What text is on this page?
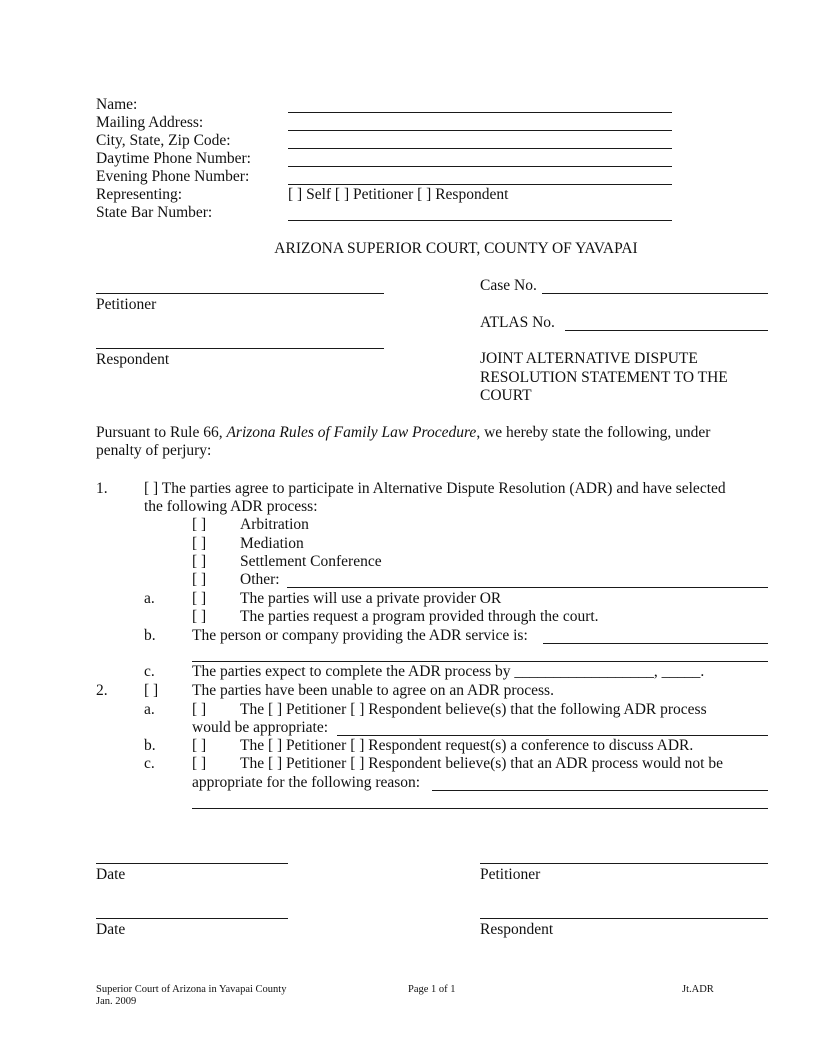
Name:
Mailing Address:
City, State, Zip Code:
Daytime Phone Number:
Evening Phone Number:
Representing:	[ ] Self [ ] Petitioner [ ] Respondent
State Bar Number:
ARIZONA SUPERIOR COURT, COUNTY OF YAVAPAI
Petitioner
Respondent
Case No.
ATLAS No.
JOINT ALTERNATIVE DISPUTE
RESOLUTION STATEMENT TO THE
COURT
Pursuant to Rule 66, Arizona Rules of Family Law Procedure, we hereby state the following, under
penalty of perjury:
1. [ ] The parties agree to participate in Alternative Dispute Resolution (ADR) and have selected
the following ADR process:
[ ] Arbitration
[ ] Mediation
[ ] Settlement Conference
[ ] Other:
a. [ ] The parties will use a private provider OR
[ ] The parties request a program provided through the court.
b. The person or company providing the ADR service is:
c. The parties expect to complete the ADR process by __________________, _____.
2. [ ] The parties have been unable to agree on an ADR process.
a. [ ] The [ ] Petitioner [ ] Respondent believe(s) that the following ADR process
would be appropriate:
b. [ ] The [ ] Petitioner [ ] Respondent request(s) a conference to discuss ADR.
c. [ ] The [ ] Petitioner [ ] Respondent believe(s) that an ADR process would not be
appropriate for the following reason:
Date	Petitioner
Date	Respondent
Superior Court of Arizona in Yavapai County
Jan. 2009
Page 1 of 1	Jt.ADR
